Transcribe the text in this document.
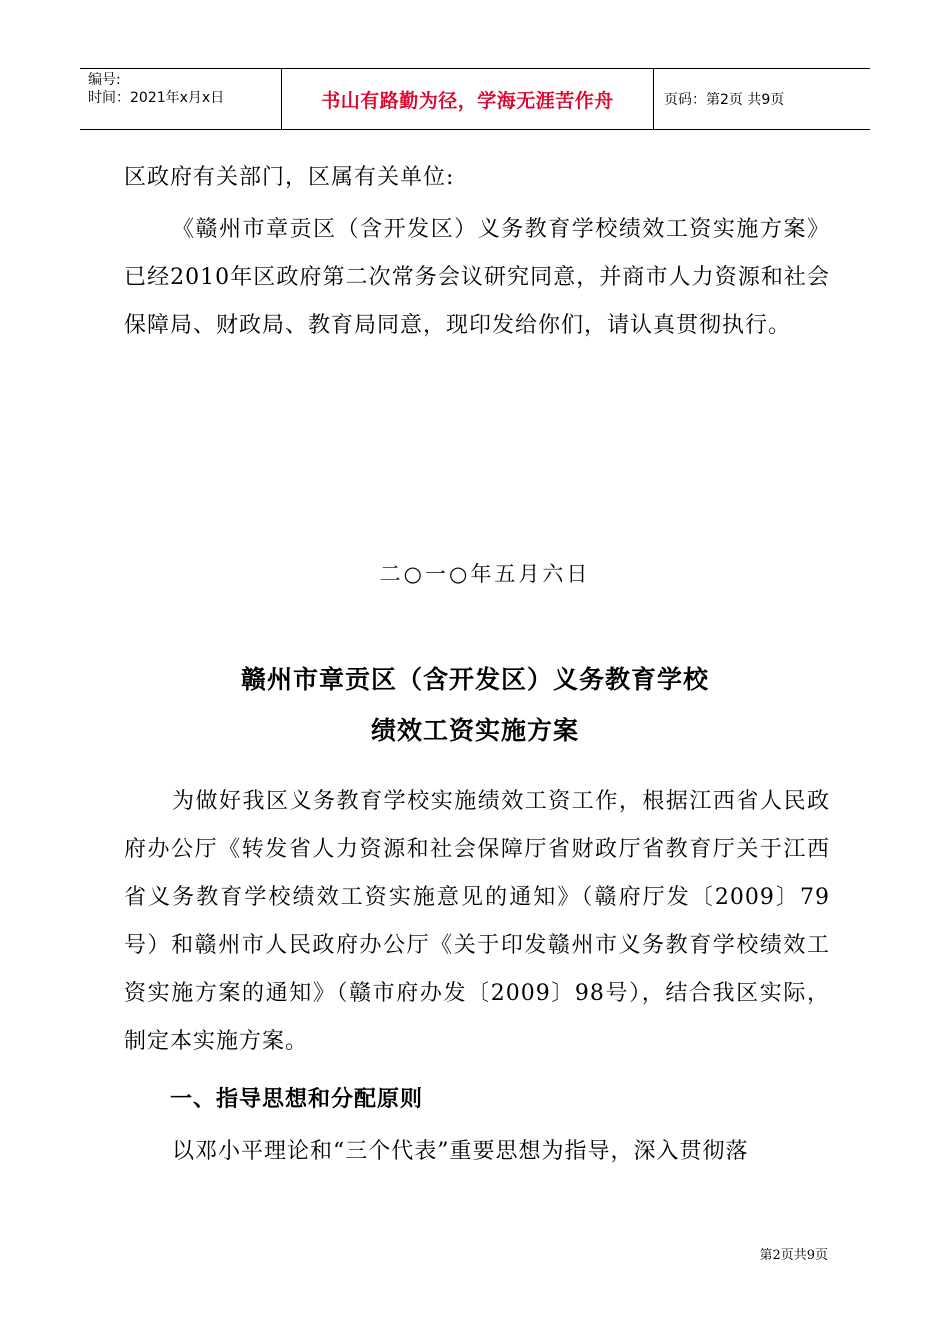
编号:
时间：2021年x月x日	书山有路勤为径，学海无涯苦作舟	页码：第2页 共9页

区政府有关部门，区属有关单位:

《赣州市章贡区（含开发区）义务教育学校绩效工资实施方案》已经2010年区政府第二次常务会议研究同意，并商市人力资源和社会保障局、财政局、教育局同意，现印发给你们，请认真贯彻执行。

二○一○年五月六日
赣州市章贡区（含开发区）义务教育学校
绩效工资实施方案

为做好我区义务教育学校实施绩效工资工作，根据江西省人民政府办公厅《转发省人力资源和社会保障厅省财政厅省教育厅关于江西省义务教育学校绩效工资实施意见的通知》（赣府厅发〔2009〕79号）和赣州市人民政府办公厅《关于印发赣州市义务教育学校绩效工资实施方案的通知》（赣市府办发〔2009〕98号），结合我区实际，制定本实施方案。

一、指导思想和分配原则

以邓小平理论和“三个代表”重要思想为指导，深入贯彻落

第2页共9页
